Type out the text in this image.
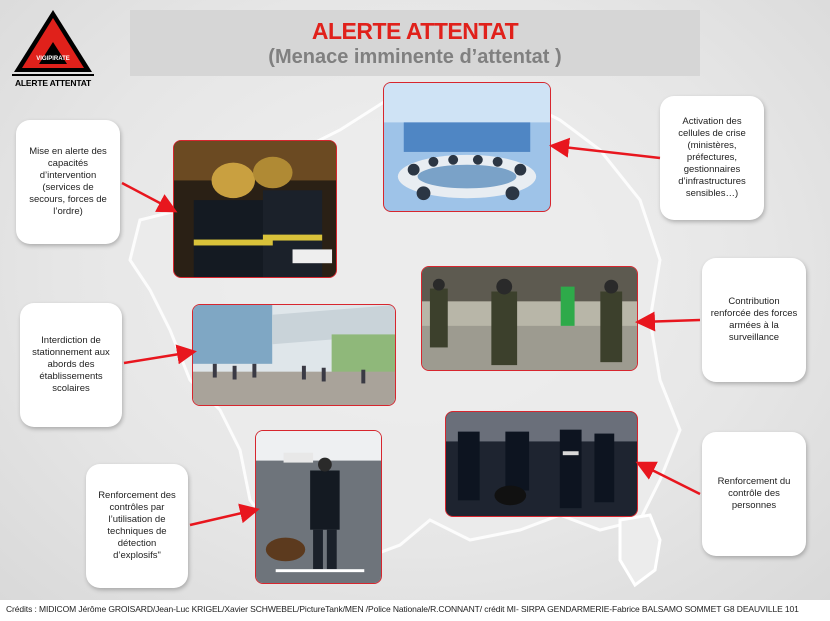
VIGIPIRATE
ALERTE ATTENTAT
ALERTE ATTENTAT
(Menace imminente d’attentat )
Mise en alerte des capacités d’intervention (services de secours, forces de l’ordre)
Activation des cellules de crise (ministères, préfectures, gestionnaires d’infrastructures sensibles…)
Contribution renforcée des forces armées à la surveillance
Interdiction de stationnement aux abords des établissements scolaires
Renforcement du contrôle des personnes
Renforcement des contrôles par l’utilisation de techniques de détection d’explosifs"
Crédits : MIDICOM Jérôme GROISARD/Jean-Luc KRIGEL/Xavier SCHWEBEL/PictureTank/MEN /Police Nationale/R.CONNANT/ crédit MI- SIRPA GENDARMERIE-Fabrice BALSAMO SOMMET G8 DEAUVILLE 101
